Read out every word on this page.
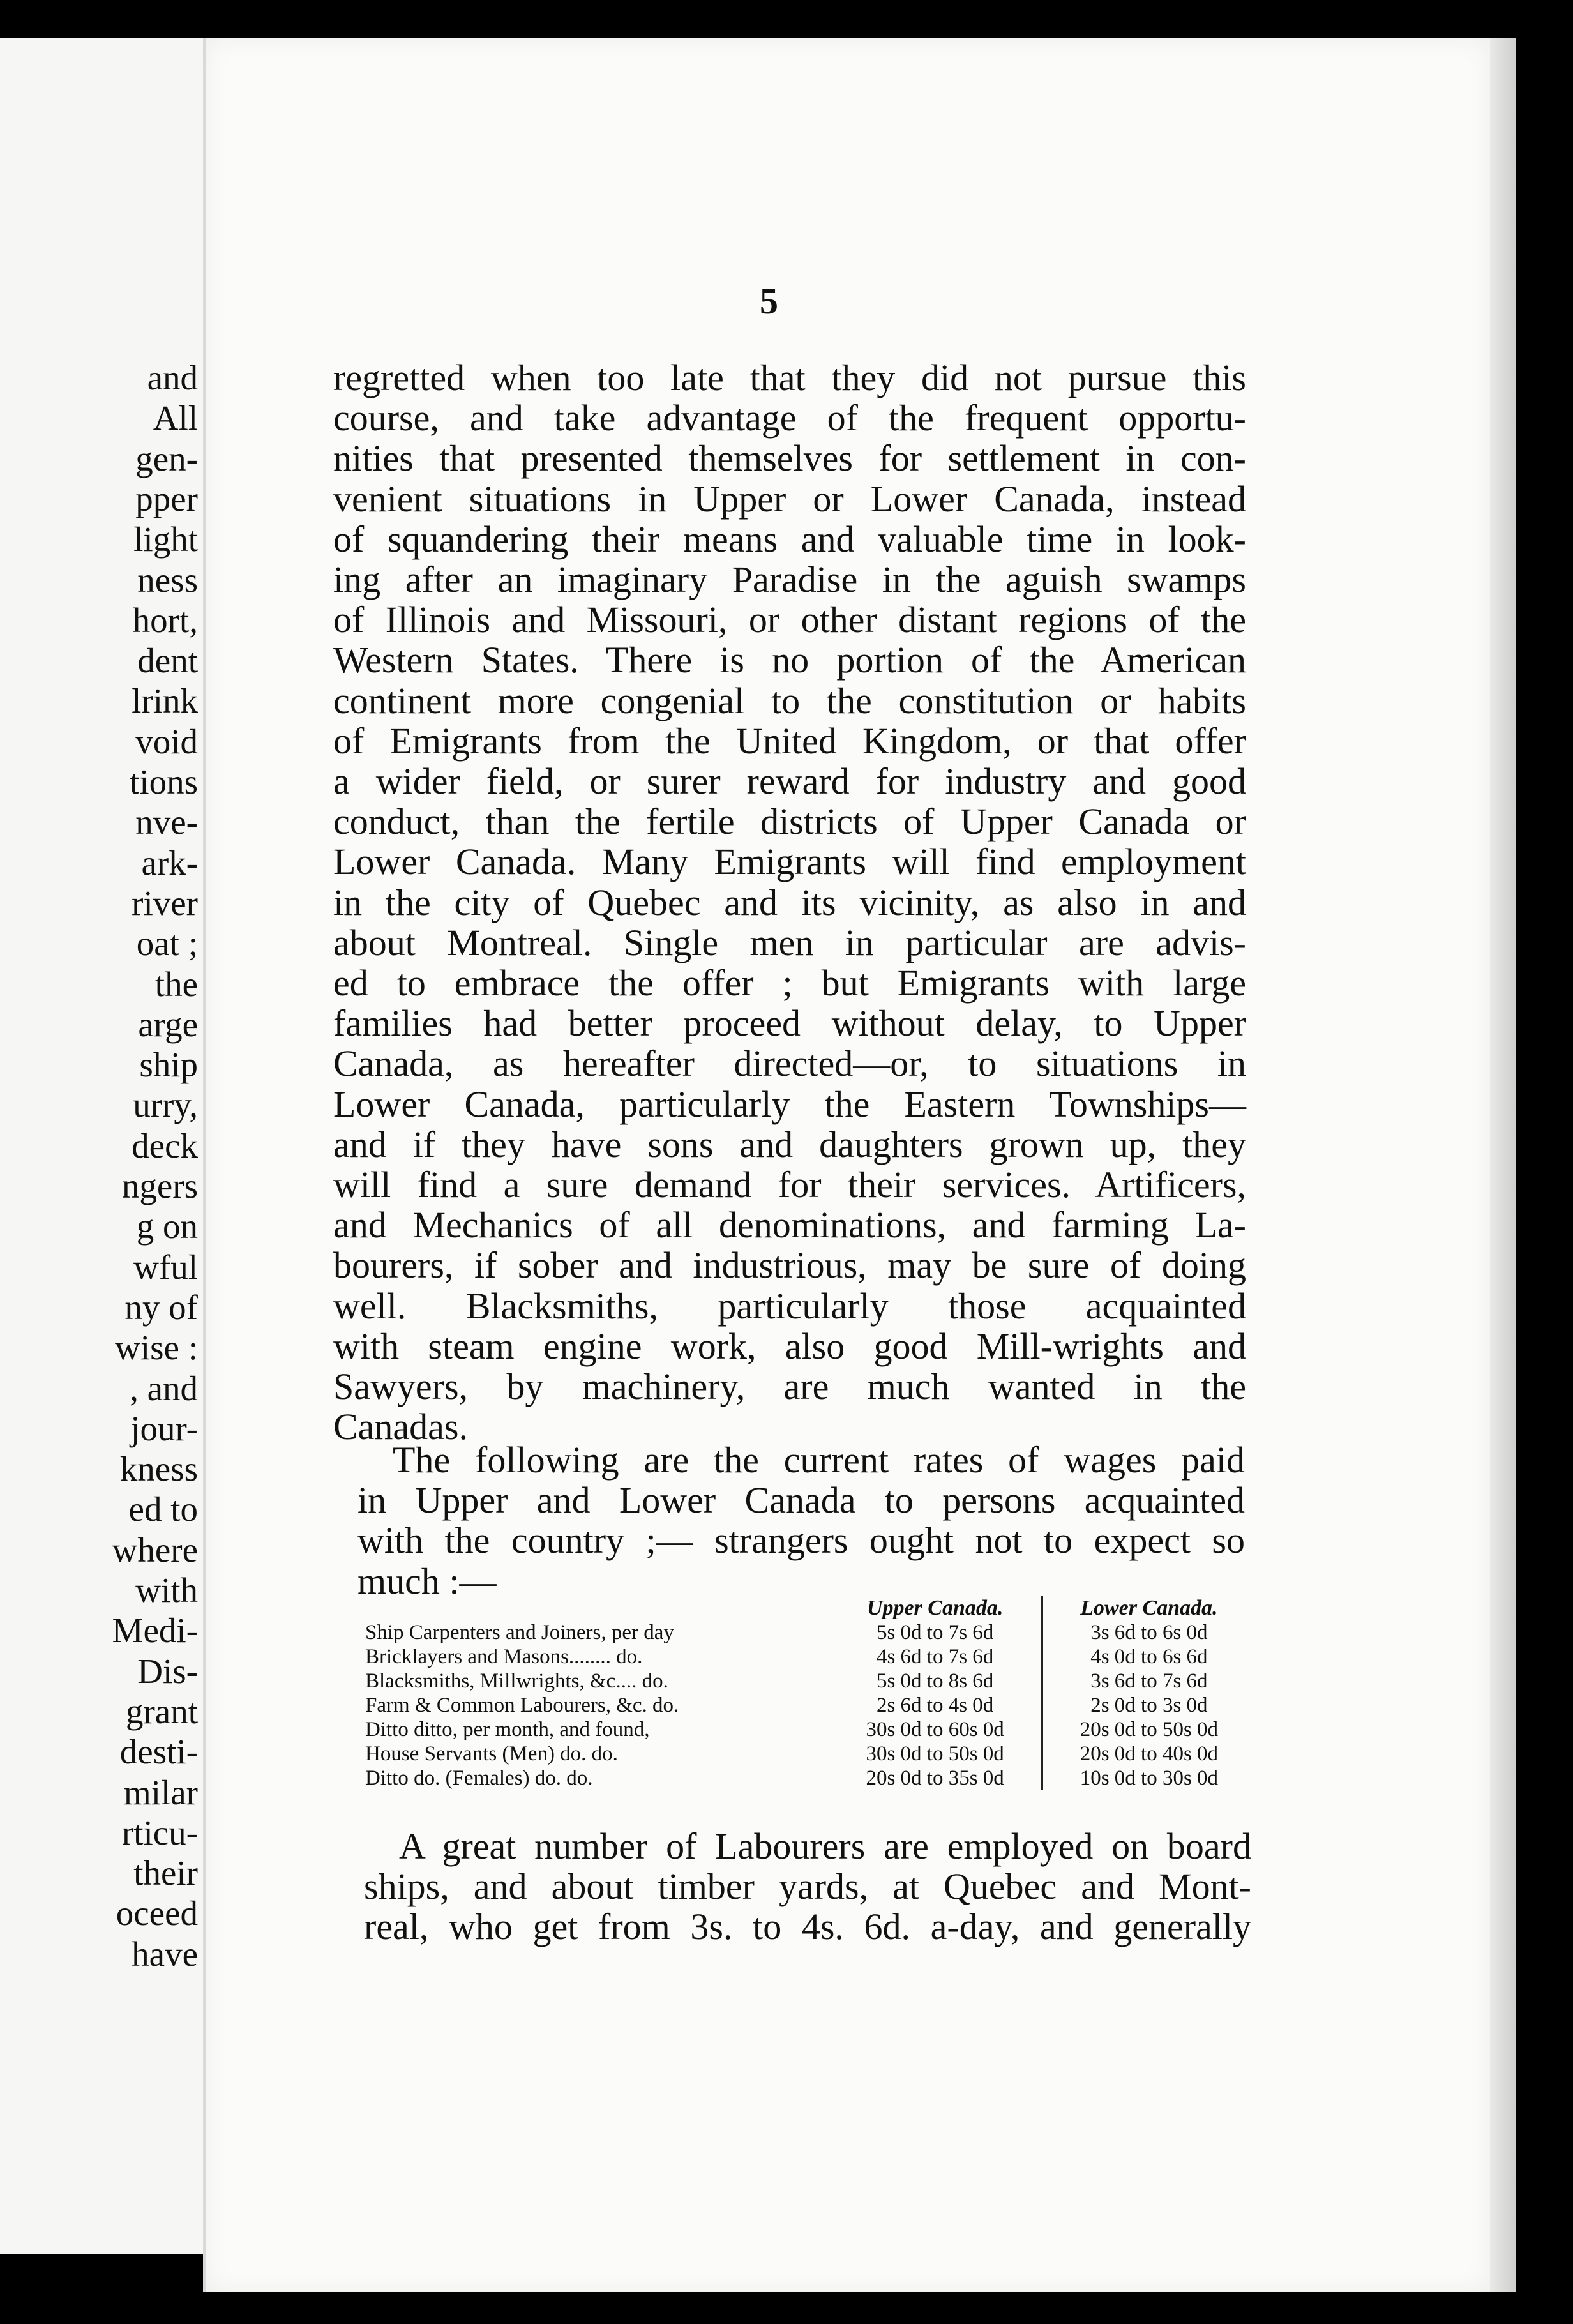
and
All
gen-
pper
light
ness
hort,
dent
lrink
void
tions
nve-
ark-
river
oat ;
the
arge
ship
urry,
deck
ngers
g on
wful
ny of
wise :
, and
jour-
kness
ed to
where
with
Medi-
Dis-
grant
desti-
milar
rticu-
their
oceed
have
5
regretted when too late that they did not pursue this
course, and take advantage of the frequent opportu-
nities that presented themselves for settlement in con-
venient situations in Upper or Lower Canada, instead
of squandering their means and valuable time in look-
ing after an imaginary Paradise in the aguish swamps
of Illinois and Missouri, or other distant regions of the
Western States. There is no portion of the American
continent more congenial to the constitution or habits
of Emigrants from the United Kingdom, or that offer
a wider field, or surer reward for industry and good
conduct, than the fertile districts of Upper Canada or
Lower Canada. Many Emigrants will find employment
in the city of Quebec and its vicinity, as also in and
about Montreal. Single men in particular are advis-
ed to embrace the offer ; but Emigrants with large
families had better proceed without delay, to Upper
Canada, as hereafter directed—or, to situations in
Lower Canada, particularly the Eastern Townships—
and if they have sons and daughters grown up, they
will find a sure demand for their services. Artificers,
and Mechanics of all denominations, and farming La-
bourers, if sober and industrious, may be sure of doing
well. Blacksmiths, particularly those acquainted
with steam engine work, also good Mill-wrights and
Sawyers, by machinery, are much wanted in the
Canadas.
The following are the current rates of wages paid
in Upper and Lower Canada to persons acquainted
with the country ;— strangers ought not to expect so
much :—
	Upper Canada.	Lower Canada.
Ship Carpenters and Joiners, per day	5s 0d to 7s 6d	3s 6d to 6s 0d
Bricklayers and Masons........ do.	4s 6d to 7s 6d	4s 0d to 6s 6d
Blacksmiths, Millwrights, &c.... do.	5s 0d to 8s 6d	3s 6d to 7s 6d
Farm & Common Labourers, &c. do.	2s 6d to 4s 0d	2s 0d to 3s 0d
Ditto ditto, per month, and found,	30s 0d to 60s 0d	20s 0d to 50s 0d
House Servants (Men) do. do.	30s 0d to 50s 0d	20s 0d to 40s 0d
Ditto do. (Females) do. do.	20s 0d to 35s 0d	10s 0d to 30s 0d
A great number of Labourers are employed on board
ships, and about timber yards, at Quebec and Mont-
real, who get from 3s. to 4s. 6d. a-day, and generally
